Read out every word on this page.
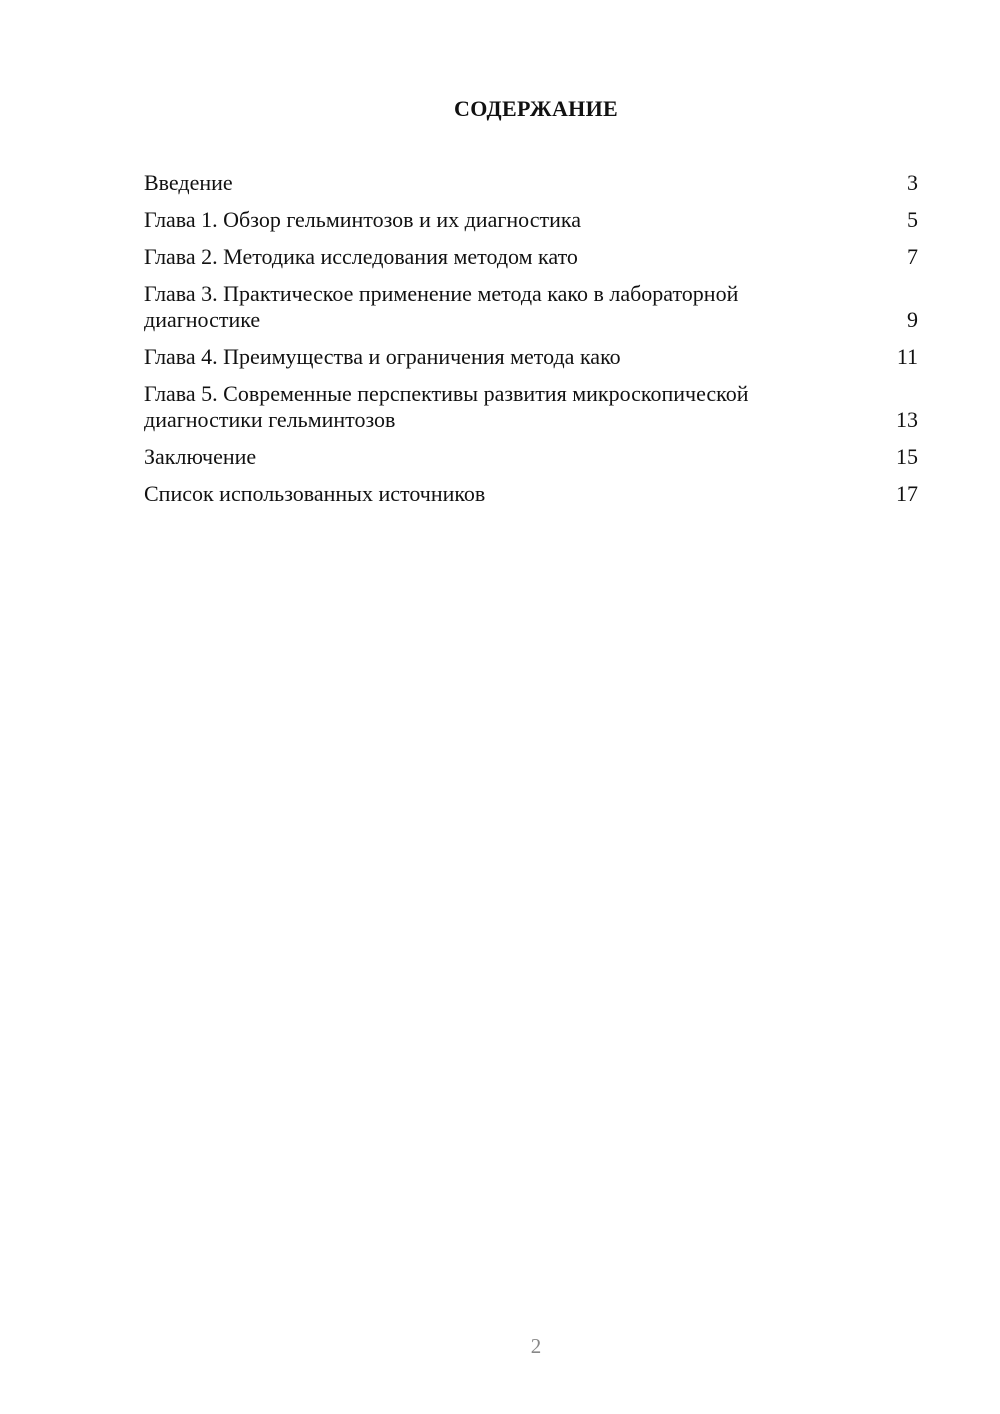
СОДЕРЖАНИЕ
Введение	3
Глава 1. Обзор гельминтозов и их диагностика	5
Глава 2. Методика исследования методом като	7
Глава 3. Практическое применение метода како в лабораторной диагностике	9
Глава 4. Преимущества и ограничения метода како	11
Глава 5. Современные перспективы развития микроскопической диагностики гельминтозов	13
Заключение	15
Список использованных источников	17
2
